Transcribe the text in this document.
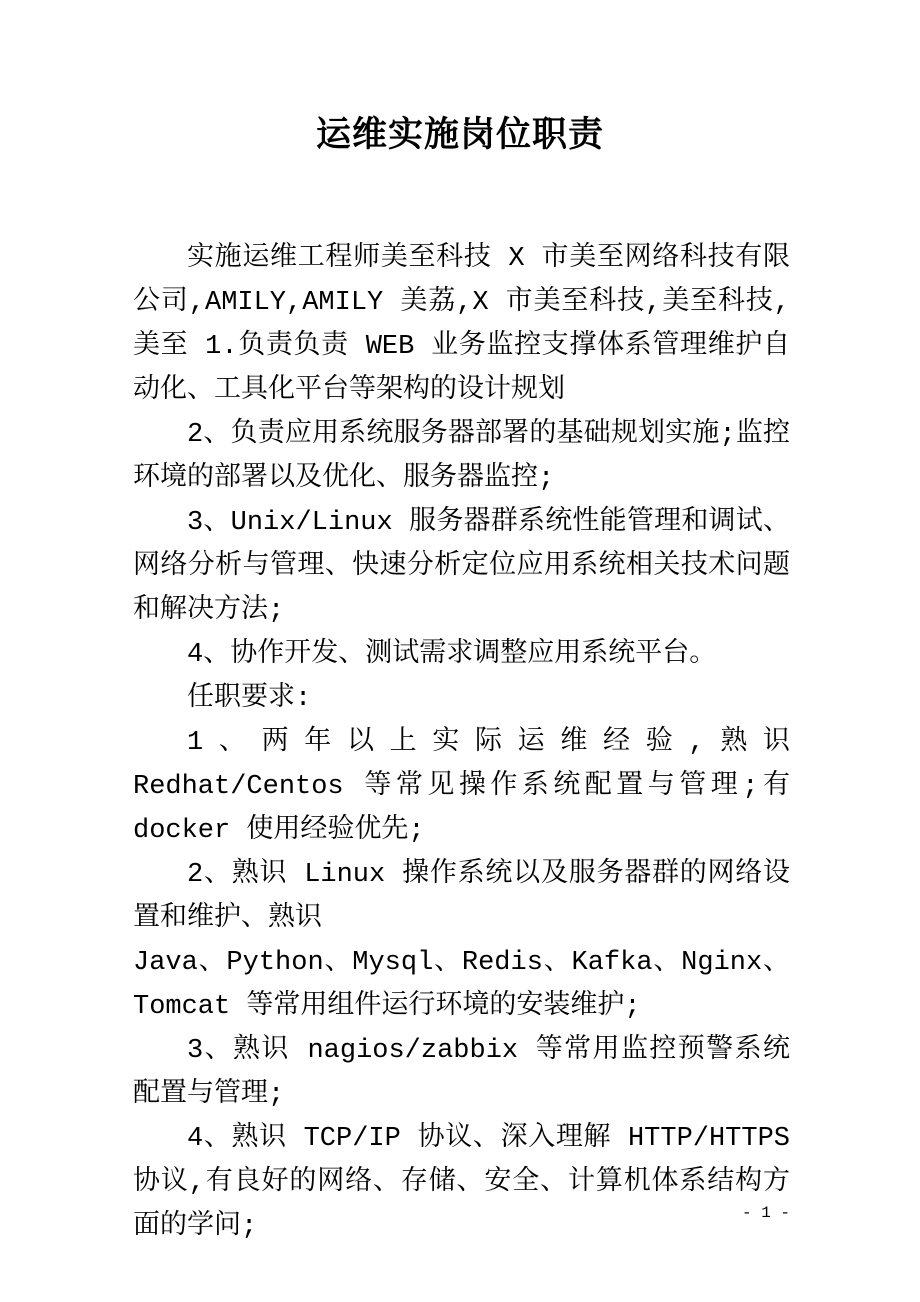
运维实施岗位职责

实施运维工程师美至科技 X 市美至网络科技有限公司,AMILY,AMILY 美荔,X 市美至科技,美至科技,美至 1.负责负责 WEB 业务监控支撑体系管理维护自动化、工具化平台等架构的设计规划

2、负责应用系统服务器部署的基础规划实施;监控环境的部署以及优化、服务器监控;

3、Unix/Linux 服务器群系统性能管理和调试、网络分析与管理、快速分析定位应用系统相关技术问题和解决方法;

4、协作开发、测试需求调整应用系统平台。

任职要求:

1、两年以上实际运维经验,熟识 Redhat/Centos 等常见操作系统配置与管理;有 docker 使用经验优先;

2、熟识 Linux 操作系统以及服务器群的网络设置和维护、熟识

Java、Python、Mysql、Redis、Kafka、Nginx、Tomcat 等常用组件运行环境的安装维护;

3、熟识 nagios/zabbix 等常用监控预警系统配置与管理;

4、熟识 TCP/IP 协议、深入理解 HTTP/HTTPS 协议,有良好的网络、存储、安全、计算机体系结构方面的学问;	- 1 -
